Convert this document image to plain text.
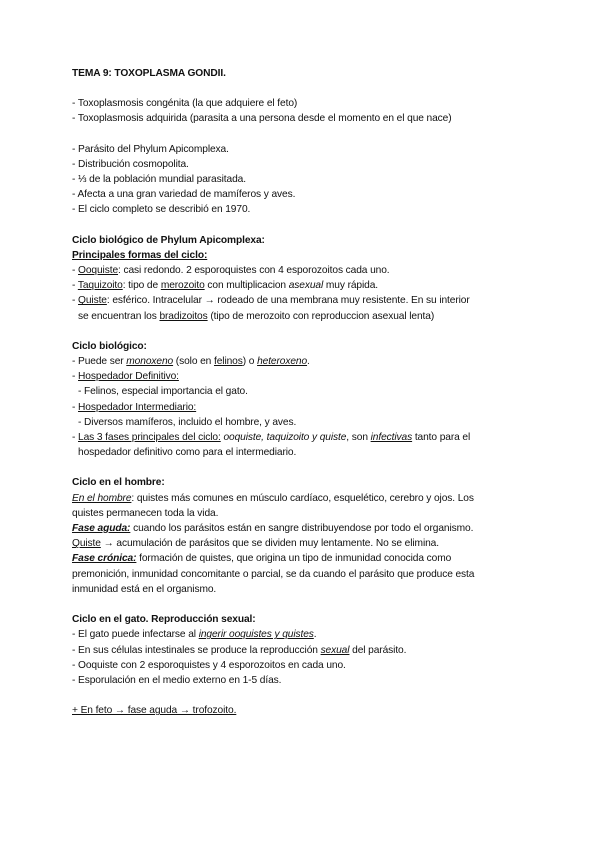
TEMA 9: TOXOPLASMA GONDII.
- Toxoplasmosis congénita (la que adquiere el feto)
- Toxoplasmosis adquirida (parasita a una persona desde el momento en el que nace)
- Parásito del Phylum Apicomplexa.
- Distribución cosmopolita.
- ⅓ de la población mundial parasitada.
- Afecta a una gran variedad de mamíferos y aves.
- El ciclo completo se describió en 1970.
Ciclo biológico de Phylum Apicomplexa:
Principales formas del ciclo:
- Ooquiste: casi redondo. 2 esporoquistes con 4 esporozoitos cada uno.
- Taquizoito: tipo de merozoito con multiplicacion asexual muy rápida.
- Quiste: esférico. Intracelular → rodeado de una membrana muy resistente. En su interior
se encuentran los bradizoitos (tipo de merozoito con reproduccion asexual lenta)
Ciclo biológico:
- Puede ser monoxeno (solo en felinos) o heteroxeno.
- Hospedador Definitivo:
- Felinos, especial importancia el gato.
- Hospedador Intermediario:
- Diversos mamíferos, incluido el hombre, y aves.
- Las 3 fases principales del ciclo: ooquiste, taquizoito y quiste, son infectivas tanto para el
hospedador definitivo como para el intermediario.
Ciclo en el hombre:
En el hombre: quistes más comunes en músculo cardíaco, esquelético, cerebro y ojos. Los
quistes permanecen toda la vida.
Fase aguda: cuando los parásitos están en sangre distribuyendose por todo el organismo.
Quiste → acumulación de parásitos que se dividen muy lentamente. No se elimina.
Fase crónica: formación de quistes, que origina un tipo de inmunidad conocida como
premonición, inmunidad concomitante o parcial, se da cuando el parásito que produce esta
inmunidad está en el organismo.
Ciclo en el gato. Reproducción sexual:
- El gato puede infectarse al ingerir ooquistes y quistes.
- En sus células intestinales se produce la reproducción sexual del parásito.
- Ooquiste con 2 esporoquistes y 4 esporozoitos en cada uno.
- Esporulación en el medio externo en 1-5 días.
+ En feto → fase aguda → trofozoito.
